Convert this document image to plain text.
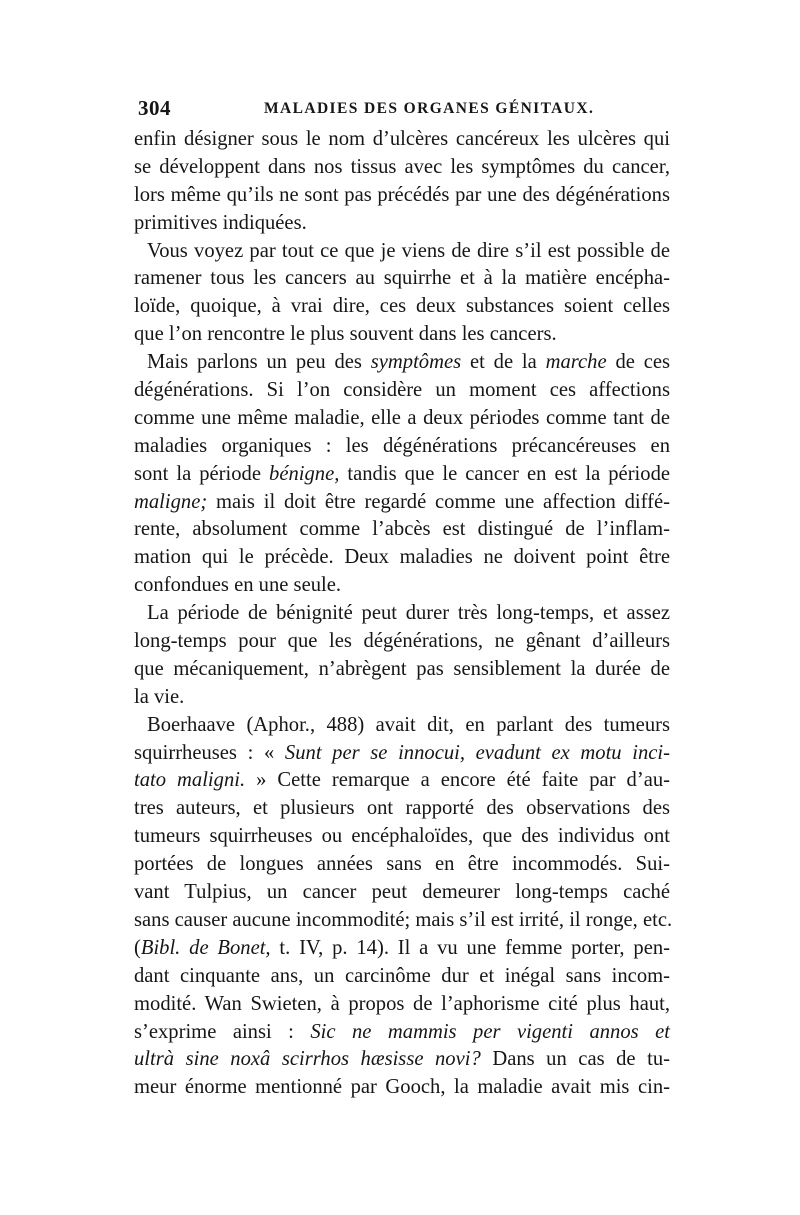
304	MALADIES DES ORGANES GÉNITAUX.
enfin désigner sous le nom d’ulcères cancéreux les ulcères qui
se développent dans nos tissus avec les symptômes du cancer,
lors même qu’ils ne sont pas précédés par une des dégénérations
primitives indiquées.
Vous voyez par tout ce que je viens de dire s’il est possible de
ramener tous les cancers au squirrhe et à la matière encépha-
loïde, quoique, à vrai dire, ces deux substances soient celles
que l’on rencontre le plus souvent dans les cancers.
Mais parlons un peu des symptômes et de la marche de ces
dégénérations. Si l’on considère un moment ces affections
comme une même maladie, elle a deux périodes comme tant de
maladies organiques : les dégénérations précancéreuses en
sont la période bénigne, tandis que le cancer en est la période
maligne; mais il doit être regardé comme une affection diffé-
rente, absolument comme l’abcès est distingué de l’inflam-
mation qui le précède. Deux maladies ne doivent point être
confondues en une seule.
La période de bénignité peut durer très long-temps, et assez
long-temps pour que les dégénérations, ne gênant d’ailleurs
que mécaniquement, n’abrègent pas sensiblement la durée de
la vie.
Boerhaave (Aphor., 488) avait dit, en parlant des tumeurs
squirrheuses : « Sunt per se innocui, evadunt ex motu inci-
tato maligni. » Cette remarque a encore été faite par d’au-
tres auteurs, et plusieurs ont rapporté des observations des
tumeurs squirrheuses ou encéphaloïdes, que des individus ont
portées de longues années sans en être incommodés. Sui-
vant Tulpius, un cancer peut demeurer long-temps caché
sans causer aucune incommodité; mais s’il est irrité, il ronge, etc.
(Bibl. de Bonet, t. IV, p. 14). Il a vu une femme porter, pen-
dant cinquante ans, un carcinôme dur et inégal sans incom-
modité. Wan Swieten, à propos de l’aphorisme cité plus haut,
s’exprime ainsi : Sic ne mammis per vigenti annos et
ultrà sine noxâ scirrhos hæsisse novi? Dans un cas de tu-
meur énorme mentionné par Gooch, la maladie avait mis cin-
